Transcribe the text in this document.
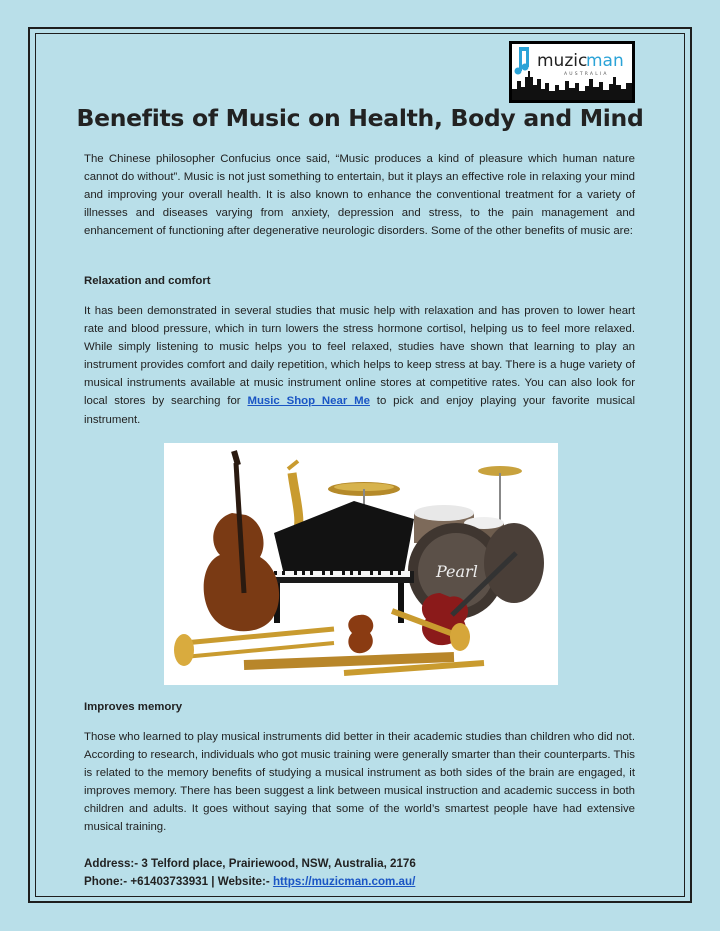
muzic
man
AUSTRALIA
Benefits of Music on Health, Body and Mind
The Chinese philosopher Confucius once said, “Music produces a kind of pleasure which human nature cannot do without”. Music is not just something to entertain, but it plays an effective role in relaxing your mind and improving your overall health. It is also known to enhance the conventional treatment for a variety of illnesses and diseases varying from anxiety, depression and stress, to the pain management and enhancement of functioning after degenerative neurologic disorders. Some of the other benefits of music are:
Relaxation and comfort
It has been demonstrated in several studies that music help with relaxation and has proven to lower heart rate and blood pressure, which in turn lowers the stress hormone cortisol, helping us to feel more relaxed. While simply listening to music helps you to feel relaxed, studies have shown that learning to play an instrument provides comfort and daily repetition, which helps to keep stress at bay. There is a huge variety of musical instruments available at music instrument online stores at competitive rates. You can also look for local stores by searching for Music Shop Near Me to pick and enjoy playing your favorite musical instrument.
Pearl
Improves memory
Those who learned to play musical instruments did better in their academic studies than children who did not. According to research, individuals who got music training were generally smarter than their counterparts. This is related to the memory benefits of studying a musical instrument as both sides of the brain are engaged, it improves memory. There has been suggest a link between musical instruction and academic success in both children and adults. It goes without saying that some of the world’s smartest people have had extensive musical training.
Address:- 3 Telford place, Prairiewood, NSW, Australia, 2176
Phone:- +61403733931 | Website:- https://muzicman.com.au/
